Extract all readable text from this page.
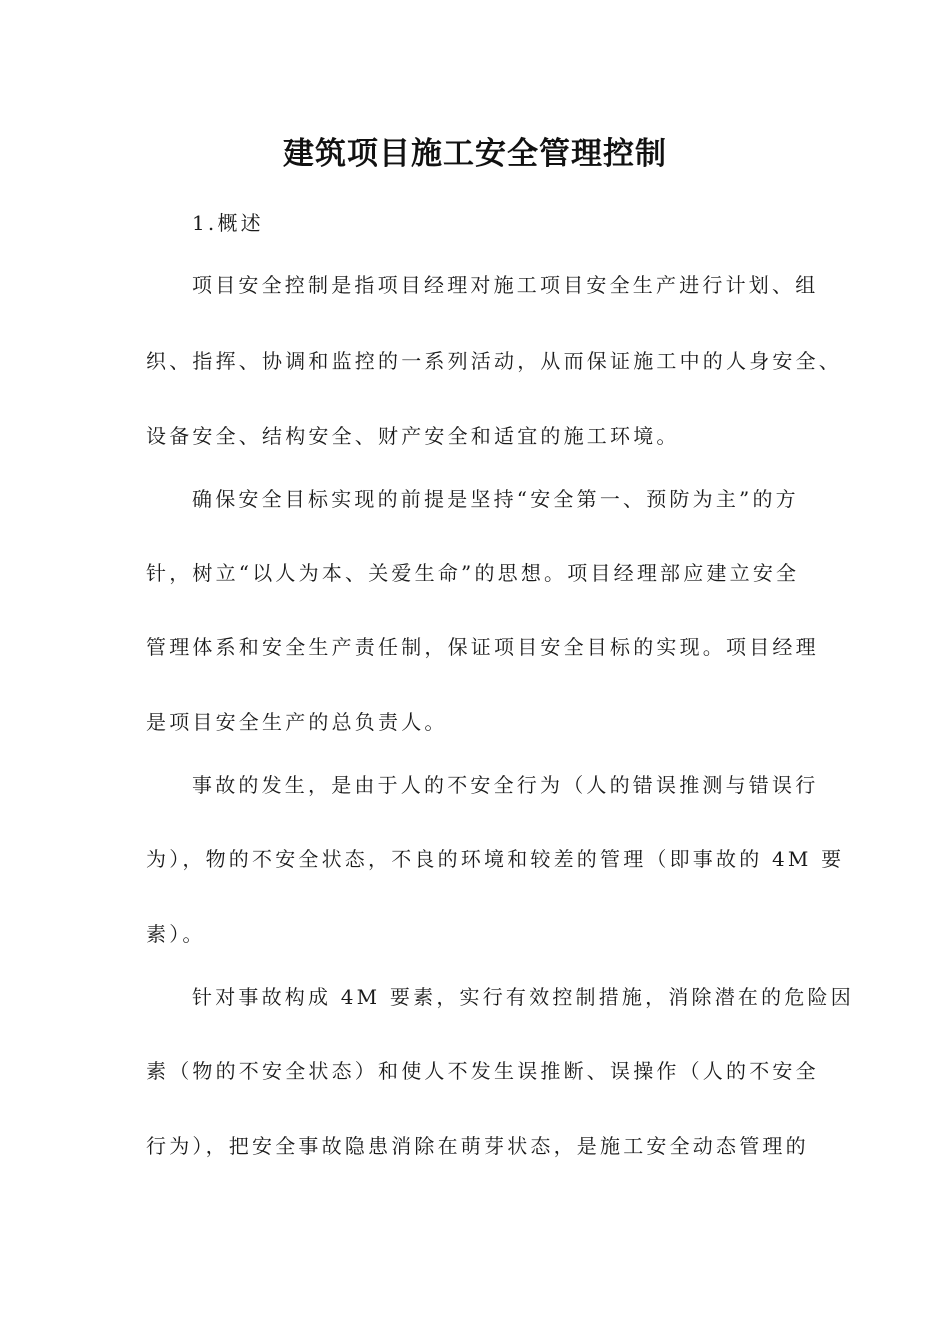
建筑项目施工安全管理控制
1.概述
项目安全控制是指项目经理对施工项目安全生产进行计划、组
织、指挥、协调和监控的一系列活动，从而保证施工中的人身安全、
设备安全、结构安全、财产安全和适宜的施工环境。
确保安全目标实现的前提是坚持“安全第一、预防为主”的方
针，树立“以人为本、关爱生命”的思想。项目经理部应建立安全
管理体系和安全生产责任制，保证项目安全目标的实现。项目经理
是项目安全生产的总负责人。
事故的发生，是由于人的不安全行为（人的错误推测与错误行
为），物的不安全状态，不良的环境和较差的管理（即事故的 4M 要
素）。
针对事故构成 4M 要素，实行有效控制措施，消除潜在的危险因
素（物的不安全状态）和使人不发生误推断、误操作（人的不安全
行为），把安全事故隐患消除在萌芽状态，是施工安全动态管理的
